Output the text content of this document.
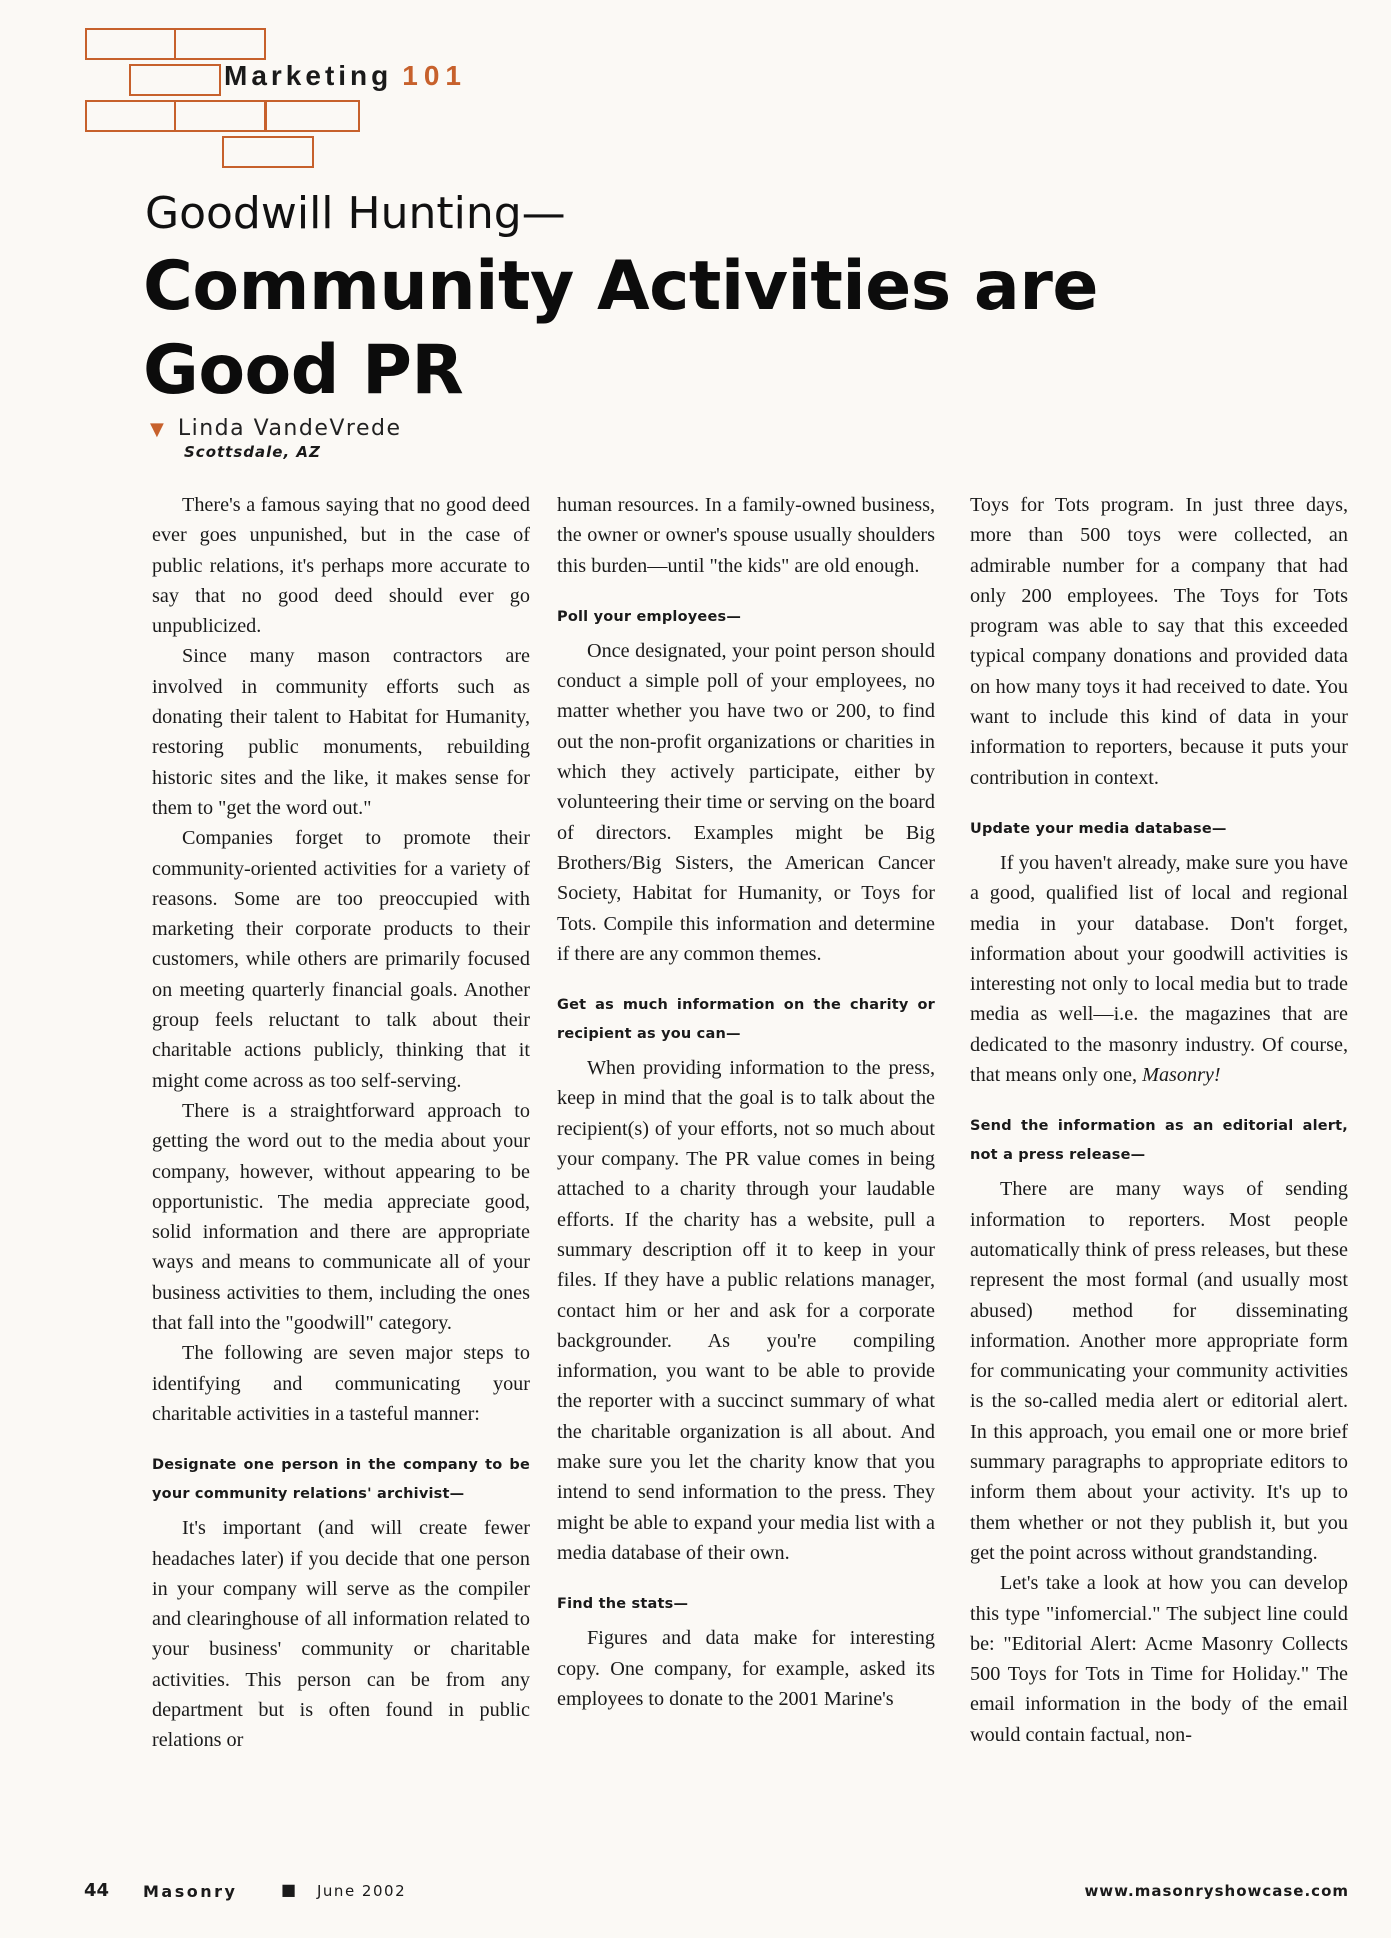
Marketing 101
Goodwill Hunting—
Community Activities are Good PR
▼ Linda VandeVrede
Scottsdale, AZ

There's a famous saying that no good deed ever goes unpunished, but in the case of public relations, it's perhaps more accurate to say that no good deed should ever go unpublicized.

Since many mason contractors are involved in community efforts such as donating their talent to Habitat for Humanity, restoring public monuments, rebuilding historic sites and the like, it makes sense for them to "get the word out."

Companies forget to promote their community-oriented activities for a variety of reasons. Some are too preoccupied with marketing their corporate products to their customers, while others are primarily focused on meeting quarterly financial goals. Another group feels reluctant to talk about their charitable actions publicly, thinking that it might come across as too self-serving.

There is a straightforward approach to getting the word out to the media about your company, however, without appearing to be opportunistic. The media appreciate good, solid information and there are appropriate ways and means to communicate all of your business activities to them, including the ones that fall into the "goodwill" category.

The following are seven major steps to identifying and communicating your charitable activities in a tasteful manner:

Designate one person in the company to be your community relations' archivist—

It's important (and will create fewer headaches later) if you decide that one person in your company will serve as the compiler and clearinghouse of all information related to your business' community or charitable activities. This person can be from any department but is often found in public relations or

human resources. In a family-owned business, the owner or owner's spouse usually shoulders this burden—until "the kids" are old enough.

Poll your employees—

Once designated, your point person should conduct a simple poll of your employees, no matter whether you have two or 200, to find out the non-profit organizations or charities in which they actively participate, either by volunteering their time or serving on the board of directors. Examples might be Big Brothers/Big Sisters, the American Cancer Society, Habitat for Humanity, or Toys for Tots. Compile this information and determine if there are any common themes.

Get as much information on the charity or recipient as you can—

When providing information to the press, keep in mind that the goal is to talk about the recipient(s) of your efforts, not so much about your company. The PR value comes in being attached to a charity through your laudable efforts. If the charity has a website, pull a summary description off it to keep in your files. If they have a public relations manager, contact him or her and ask for a corporate backgrounder. As you're compiling information, you want to be able to provide the reporter with a succinct summary of what the charitable organization is all about. And make sure you let the charity know that you intend to send information to the press. They might be able to expand your media list with a media database of their own.

Find the stats—

Figures and data make for interesting copy. One company, for example, asked its employees to donate to the 2001 Marine's

Toys for Tots program. In just three days, more than 500 toys were collected, an admirable number for a company that had only 200 employees. The Toys for Tots program was able to say that this exceeded typical company donations and provided data on how many toys it had received to date. You want to include this kind of data in your information to reporters, because it puts your contribution in context.

Update your media database—

If you haven't already, make sure you have a good, qualified list of local and regional media in your database. Don't forget, information about your goodwill activities is interesting not only to local media but to trade media as well—i.e. the magazines that are dedicated to the masonry industry. Of course, that means only one, Masonry!

Send the information as an editorial alert, not a press release—

There are many ways of sending information to reporters. Most people automatically think of press releases, but these represent the most formal (and usually most abused) method for disseminating information. Another more appropriate form for communicating your community activities is the so-called media alert or editorial alert. In this approach, you email one or more brief summary paragraphs to appropriate editors to inform them about your activity. It's up to them whether or not they publish it, but you get the point across without grandstanding.

Let's take a look at how you can develop this type "infomercial." The subject line could be: "Editorial Alert: Acme Masonry Collects 500 Toys for Tots in Time for Holiday." The email information in the body of the email would contain factual, non-

44 Masonry	■ June 2002	www.masonryshowcase.com
